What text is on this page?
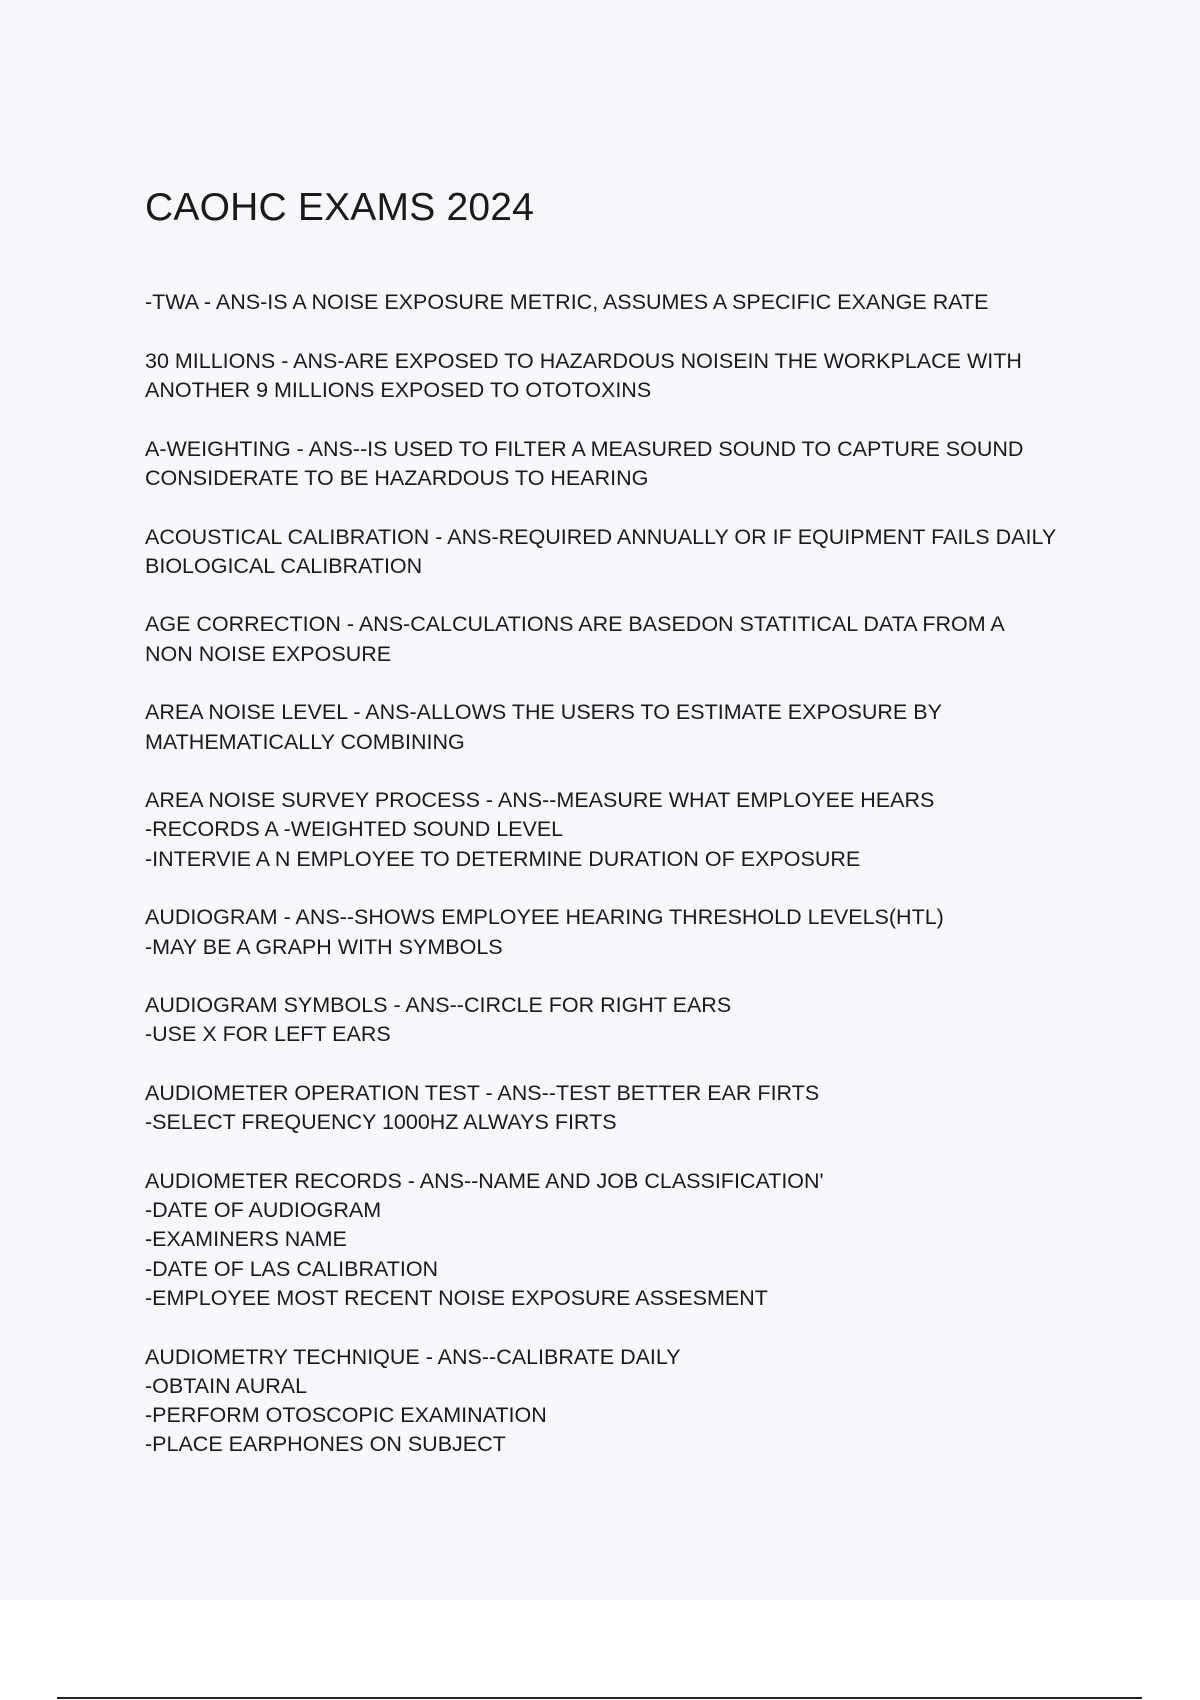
CAOHC EXAMS 2024
-TWA - ANS-IS A NOISE EXPOSURE METRIC, ASSUMES A SPECIFIC EXANGE RATE
30 MILLIONS - ANS-ARE EXPOSED TO HAZARDOUS NOISEIN THE WORKPLACE WITH
ANOTHER 9 MILLIONS EXPOSED TO OTOTOXINS
A-WEIGHTING - ANS--IS USED TO FILTER A MEASURED SOUND TO CAPTURE SOUND
CONSIDERATE TO BE HAZARDOUS TO HEARING
ACOUSTICAL CALIBRATION - ANS-REQUIRED ANNUALLY OR IF EQUIPMENT FAILS DAILY
BIOLOGICAL CALIBRATION
AGE CORRECTION - ANS-CALCULATIONS ARE BASEDON STATITICAL DATA FROM A
NON NOISE EXPOSURE
AREA NOISE LEVEL - ANS-ALLOWS THE USERS TO ESTIMATE EXPOSURE BY
MATHEMATICALLY COMBINING
AREA NOISE SURVEY PROCESS - ANS--MEASURE WHAT EMPLOYEE HEARS
-RECORDS A -WEIGHTED SOUND LEVEL
-INTERVIE A N EMPLOYEE TO DETERMINE DURATION OF EXPOSURE
AUDIOGRAM - ANS--SHOWS EMPLOYEE HEARING THRESHOLD LEVELS(HTL)
-MAY BE A GRAPH WITH SYMBOLS
AUDIOGRAM SYMBOLS - ANS--CIRCLE FOR RIGHT EARS
-USE X FOR LEFT EARS
AUDIOMETER OPERATION TEST - ANS--TEST BETTER EAR FIRTS
-SELECT FREQUENCY 1000HZ ALWAYS FIRTS
AUDIOMETER RECORDS - ANS--NAME AND JOB CLASSIFICATION'
-DATE OF AUDIOGRAM
-EXAMINERS NAME
-DATE OF LAS CALIBRATION
-EMPLOYEE MOST RECENT NOISE EXPOSURE ASSESMENT
AUDIOMETRY TECHNIQUE - ANS--CALIBRATE DAILY
-OBTAIN AURAL
-PERFORM OTOSCOPIC EXAMINATION
-PLACE EARPHONES ON SUBJECT
